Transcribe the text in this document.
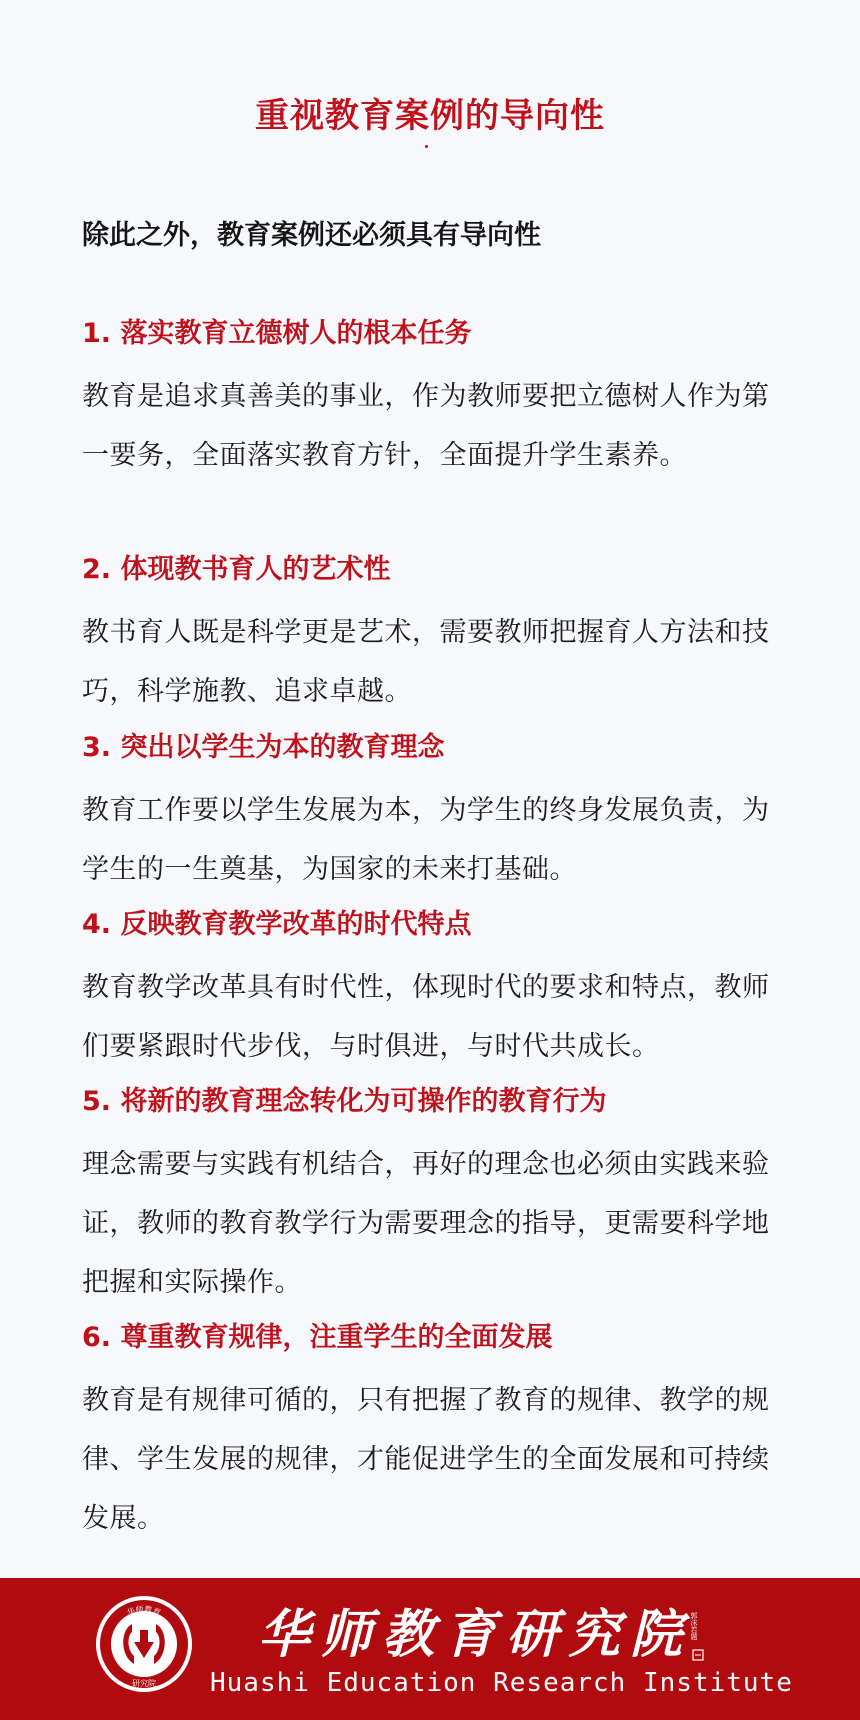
重视教育案例的导向性
除此之外，教育案例还必须具有导向性
1. 落实教育立德树人的根本任务
教育是追求真善美的事业，作为教师要把立德树人作为第一要务，全面落实教育方针，全面提升学生素养。
2. 体现教书育人的艺术性
教书育人既是科学更是艺术，需要教师把握育人方法和技巧，科学施教、追求卓越。
3. 突出以学生为本的教育理念
教育工作要以学生发展为本，为学生的终身发展负责，为学生的一生奠基，为国家的未来打基础。
4. 反映教育教学改革的时代特点
教育教学改革具有时代性，体现时代的要求和特点，教师们要紧跟时代步伐，与时俱进，与时代共成长。
5. 将新的教育理念转化为可操作的教育行为
理念需要与实践有机结合，再好的理念也必须由实践来验证，教师的教育教学行为需要理念的指导，更需要科学地把握和实际操作。
6. 尊重教育规律，注重学生的全面发展
教育是有规律可循的，只有把握了教育的规律、教学的规律、学生发展的规律，才能促进学生的全面发展和可持续发展。
华师教育
研究院
华师教育研究院
郭沫若题
Huashi Education Research Institute
